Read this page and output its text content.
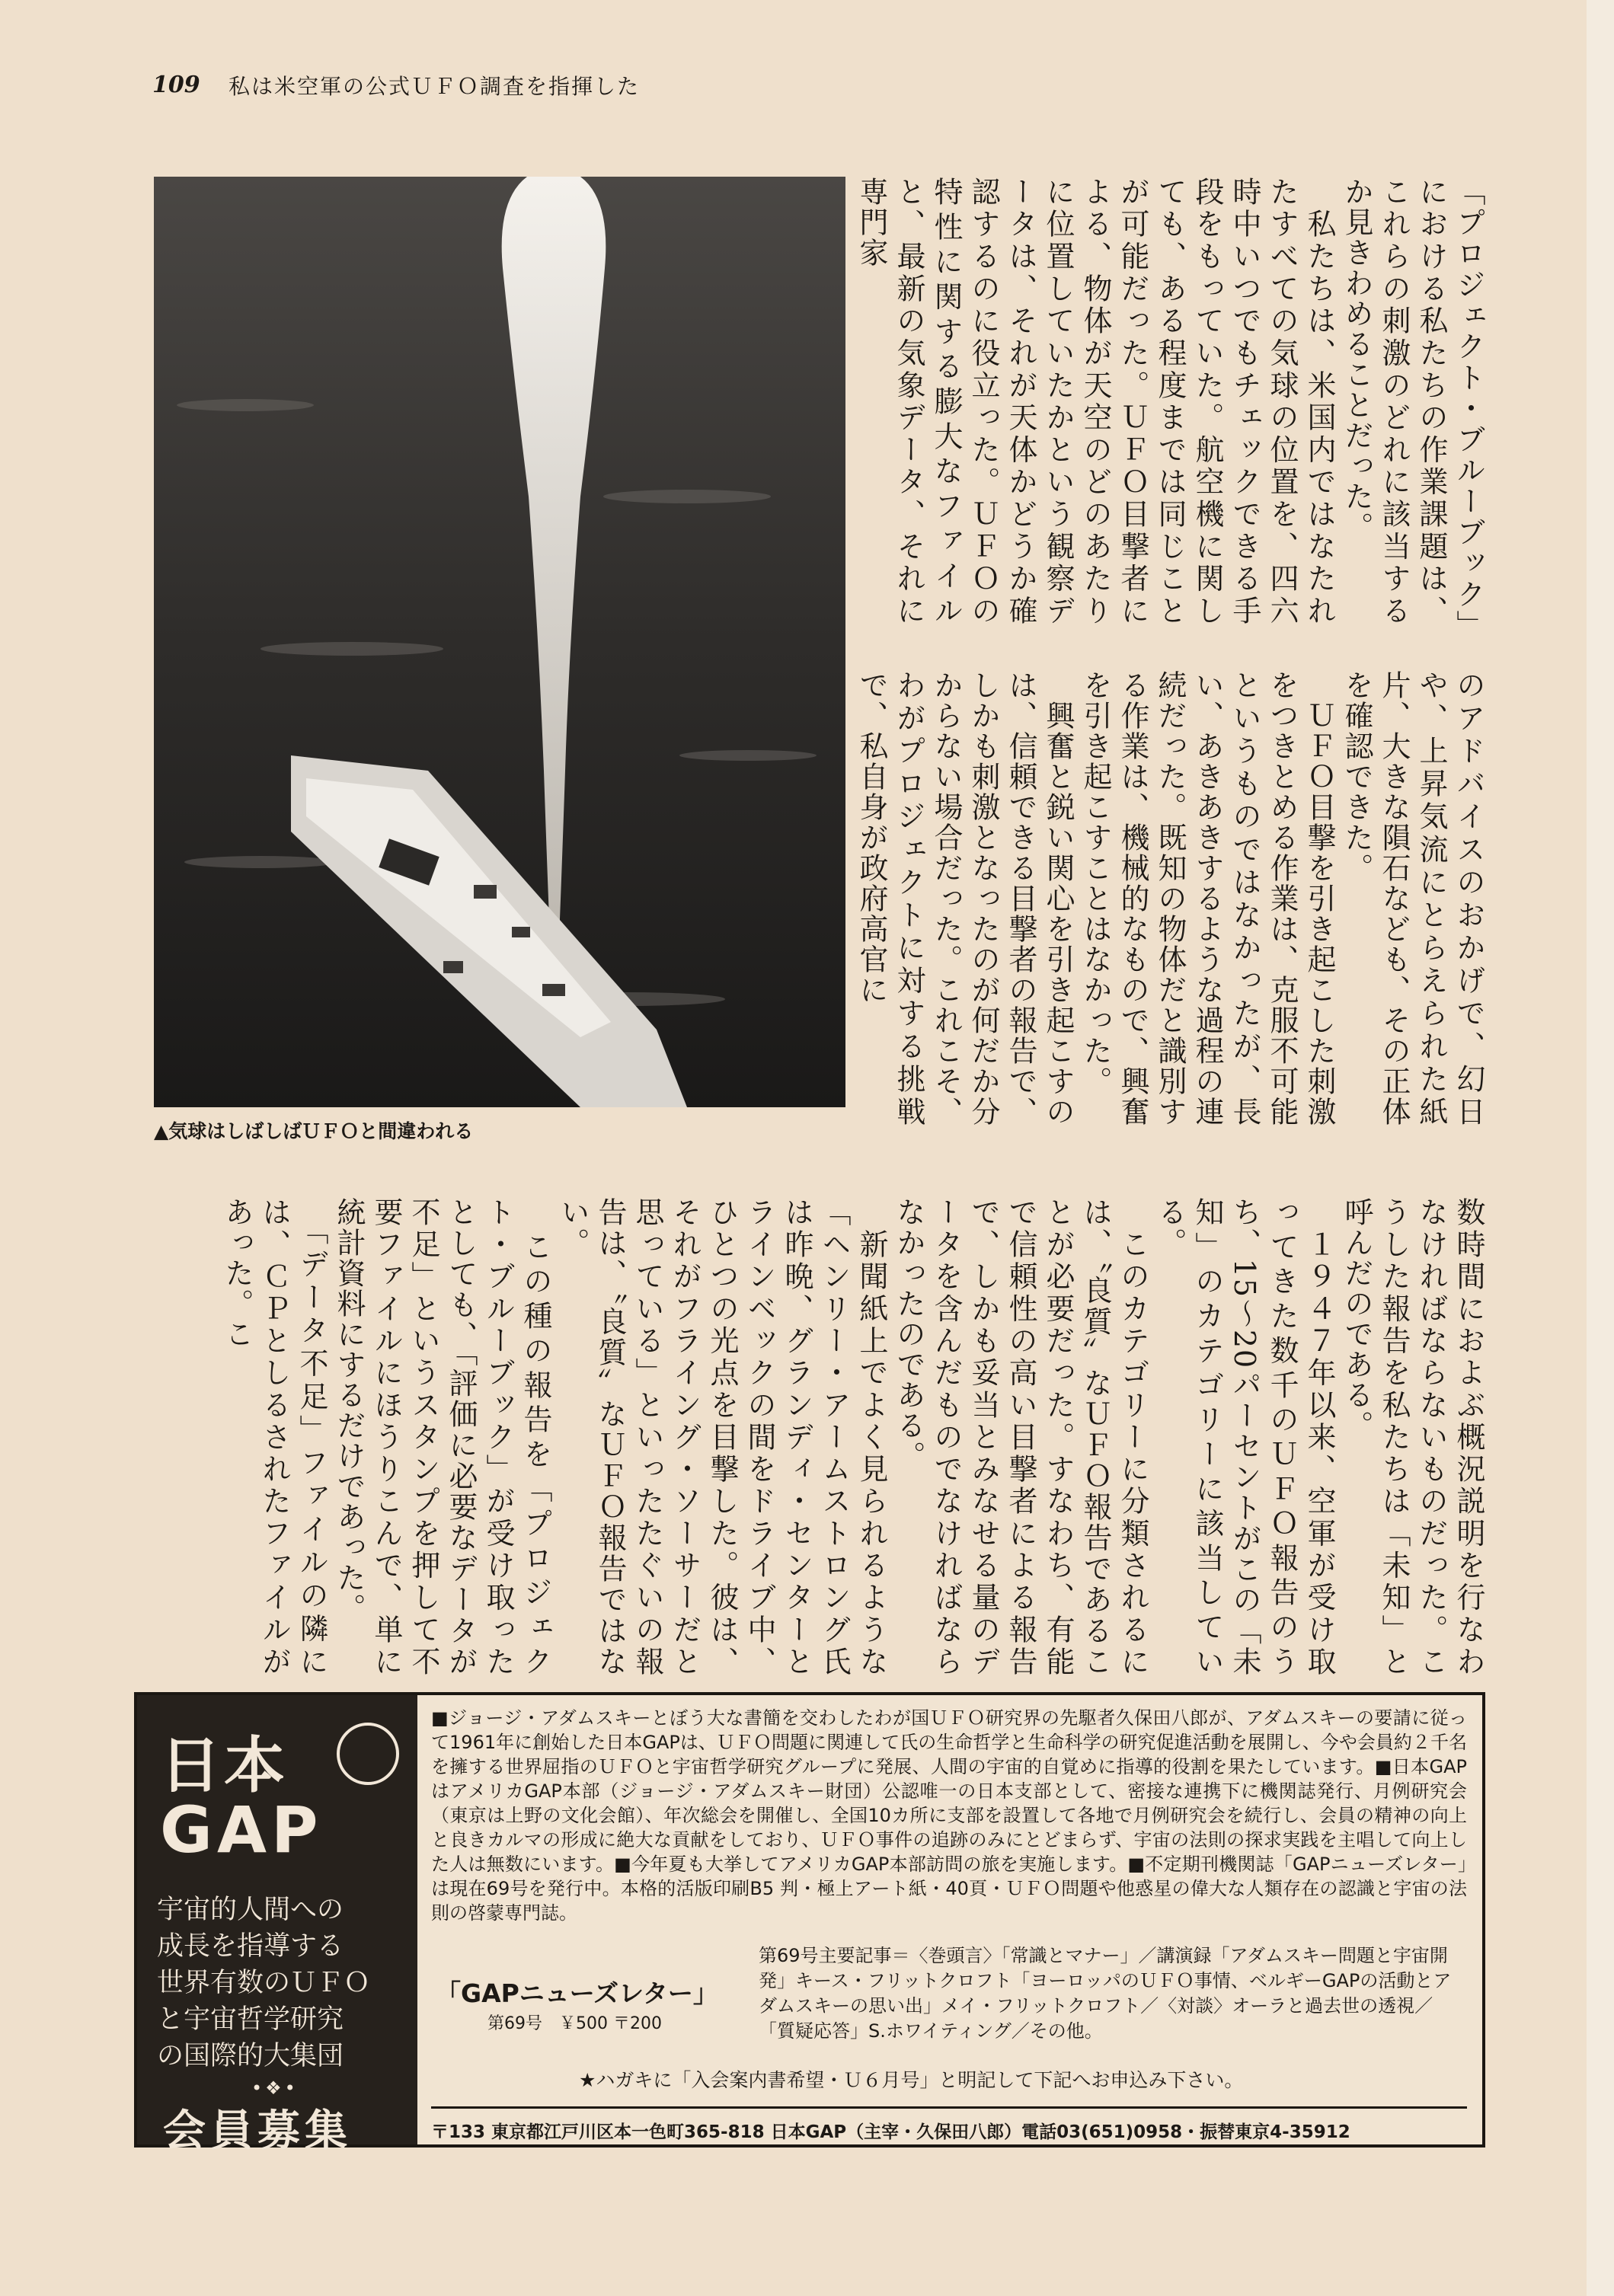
109 私は米空軍の公式ＵＦＯ調査を指揮した
▲気球はしばしばＵＦＯと間違われる
「プロジェクト・ブルーブック」における私たちの作業課題は、これらの刺激のどれに該当するか見きわめることだった。
　私たちは、米国内ではなたれたすべての気球の位置を、四六時中いつでもチェックできる手段をもっていた。航空機に関しても、ある程度までは同じことが可能だった。ＵＦＯ目撃者による、物体が天空のどのあたりに位置していたかという観察データは、それが天体かどうか確認するのに役立った。ＵＦＯの特性に関する膨大なファイルと、最新の気象データ、それに専門家
のアドバイスのおかげで、幻日や、上昇気流にとらえられた紙片、大きな隕石なども、その正体を確認できた。
　ＵＦＯ目撃を引き起こした刺激をつきとめる作業は、克服不可能というものではなかったが、長い、あきあきするような過程の連続だった。既知の物体だと識別する作業は、機械的なもので、興奮を引き起こすことはなかった。
　興奮と鋭い関心を引き起こすのは、信頼できる目撃者の報告で、しかも刺激となったのが何だか分からない場合だった。これこそ、わがプロジェクトに対する挑戦で、私自身が政府高官に
数時間におよぶ概況説明を行なわなければならないものだった。こうした報告を私たちは「未知」と呼んだのである。
　１９４７年以来、空軍が受け取ってきた数千のＵＦＯ報告のうち、15〜20パーセントがこの「未知」のカテゴリーに該当している。
　このカテゴリーに分類されるには、〝良質〟なＵＦＯ報告であることが必要だった。すなわち、有能で信頼性の高い目撃者による報告で、しかも妥当とみなせる量のデータを含んだものでなければならなかったのである。
　新聞紙上でよく見られるような「ヘンリー・アームストロング氏は昨晩、グランディ・センターとラインベックの間をドライブ中、ひとつの光点を目撃した。彼は、それがフライング・ソーサーだと思っている」といったたぐいの報告は、〝良質〟なＵＦＯ報告ではない。
　この種の報告を「プロジェクト・ブルーブック」が受け取ったとしても、「評価に必要なデータが不足」というスタンプを押して不要ファイルにほうりこんで、単に統計資料にするだけであった。
　「データ不足」ファイルの隣には、ＣＰとしるされたファイルがあった。こ
日本
GAP
宇宙的人間への
成長を指導する
世界有数のＵＦＯ
と宇宙哲学研究
の国際的大集団
•❖•
会員募集
■ジョージ・アダムスキーとぼう大な書簡を交わしたわが国ＵＦＯ研究界の先駆者久保田八郎が、アダムスキーの要請に従って1961年に創始した日本GAPは、ＵＦＯ問題に関連して氏の生命哲学と生命科学の研究促進活動を展開し、今や会員約２千名を擁する世界屈指のＵＦＯと宇宙哲学研究グループに発展、人間の宇宙的自覚めに指導的役割を果たしています。■日本GAPはアメリカGAP本部（ジョージ・アダムスキー財団）公認唯一の日本支部として、密接な連携下に機関誌発行、月例研究会（東京は上野の文化会館）、年次総会を開催し、全国10カ所に支部を設置して各地で月例研究会を続行し、会員の精神の向上と良きカルマの形成に絶大な貢献をしており、ＵＦＯ事件の追跡のみにとどまらず、宇宙の法則の探求実践を主唱して向上した人は無数にいます。■今年夏も大挙してアメリカGAP本部訪問の旅を実施します。■不定期刊機関誌「GAPニューズレター」は現在69号を発行中。本格的活版印刷B5 判・極上アート紙・40頁・ＵＦＯ問題や他惑星の偉大な人類存在の認識と宇宙の法則の啓蒙専門誌。
「GAPニューズレター」
第69号　￥500 〒200
第69号主要記事＝〈巻頭言〉「常識とマナー」／講演録「アダムスキー問題と宇宙開発」キース・フリットクロフト「ヨーロッパのＵＦＯ事情、ベルギーGAPの活動とアダムスキーの思い出」メイ・フリットクロフト／〈対談〉オーラと過去世の透視／「質疑応答」S.ホワイティング／その他。
★ハガキに「入会案内書希望・Ｕ６月号」と明記して下記へお申込み下さい。
〒133 東京都江戸川区本一色町365-818 日本GAP（主宰・久保田八郎）電話03(651)0958・振替東京4-35912
